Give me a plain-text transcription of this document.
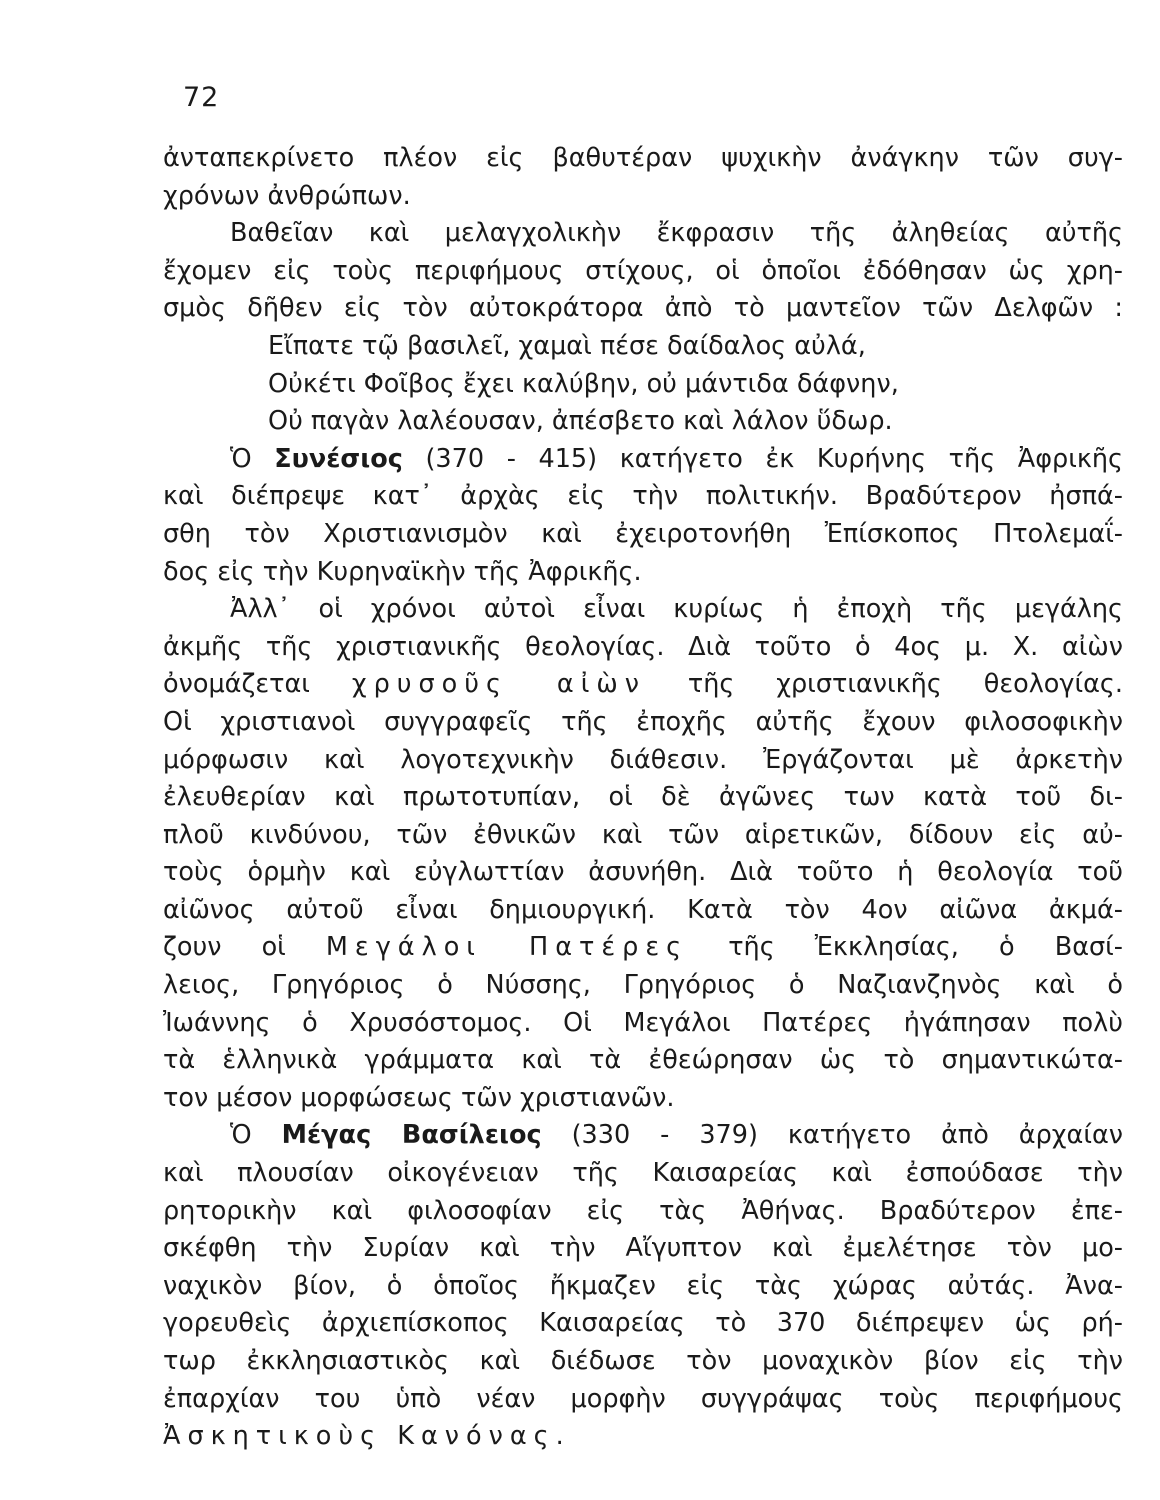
72
ἀνταπεκρίνετο πλέον εἰς βαθυτέραν ψυχικὴν ἀνάγκην τῶν συγ-
χρόνων ἀνθρώπων.
Βαθεῖαν καὶ μελαγχολικὴν ἔκφρασιν τῆς ἀληθείας αὐτῆς
ἔχομεν εἰς τοὺς περιφήμους στίχους, οἱ ὁποῖοι ἐδόθησαν ὡς χρη-
σμὸς δῆθεν εἰς τὸν αὐτοκράτορα ἀπὸ τὸ μαντεῖον τῶν Δελφῶν :
Εἴπατε τῷ βασιλεῖ, χαμαὶ πέσε δαίδαλος αὐλά,
Οὐκέτι Φοῖβος ἔχει καλύβην, οὐ μάντιδα δάφνην,
Οὐ παγὰν λαλέουσαν, ἀπέσβετο καὶ λάλον ὕδωρ.
Ὁ Συνέσιος (370 - 415) κατήγετο ἐκ Κυρήνης τῆς Ἀφρικῆς
καὶ διέπρεψε κατ᾽ ἀρχὰς εἰς τὴν πολιτικήν. Βραδύτερον ἠσπά-
σθη τὸν Χριστιανισμὸν καὶ ἐχειροτονήθη Ἐπίσκοπος Πτολεμαΐ-
δος εἰς τὴν Κυρηναϊκὴν τῆς Ἀφρικῆς.
Ἀλλ᾽ οἱ χρόνοι αὐτοὶ εἶναι κυρίως ἡ ἐποχὴ τῆς μεγάλης
ἀκμῆς τῆς χριστιανικῆς θεολογίας. Διὰ τοῦτο ὁ 4ος μ. Χ. αἰὼν
ὀνομάζεται χρυσοῦς αἰὼν τῆς χριστιανικῆς θεολογίας.
Οἱ χριστιανοὶ συγγραφεῖς τῆς ἐποχῆς αὐτῆς ἔχουν φιλοσοφικὴν
μόρφωσιν καὶ λογοτεχνικὴν διάθεσιν. Ἐργάζονται μὲ ἀρκετὴν
ἐλευθερίαν καὶ πρωτοτυπίαν, οἱ δὲ ἀγῶνες των κατὰ τοῦ δι-
πλοῦ κινδύνου, τῶν ἐθνικῶν καὶ τῶν αἱρετικῶν, δίδουν εἰς αὐ-
τοὺς ὁρμὴν καὶ εὐγλωττίαν ἀσυνήθη. Διὰ τοῦτο ἡ θεολογία τοῦ
αἰῶνος αὐτοῦ εἶναι δημιουργική. Κατὰ τὸν 4ον αἰῶνα ἀκμά-
ζουν οἱ Μεγάλοι Πατέρες τῆς Ἐκκλησίας, ὁ Βασί-
λειος, Γρηγόριος ὁ Νύσσης, Γρηγόριος ὁ Ναζιανζηνὸς καὶ ὁ
Ἰωάννης ὁ Χρυσόστομος. Οἱ Μεγάλοι Πατέρες ἠγάπησαν πολὺ
τὰ ἑλληνικὰ γράμματα καὶ τὰ ἐθεώρησαν ὡς τὸ σημαντικώτα-
τον μέσον μορφώσεως τῶν χριστιανῶν.
Ὁ Μέγας Βασίλειος (330 - 379) κατήγετο ἀπὸ ἀρχαίαν
καὶ πλουσίαν οἰκογένειαν τῆς Καισαρείας καὶ ἐσπούδασε τὴν
ρητορικὴν καὶ φιλοσοφίαν εἰς τὰς Ἀθήνας. Βραδύτερον ἐπε-
σκέφθη τὴν Συρίαν καὶ τὴν Αἴγυπτον καὶ ἐμελέτησε τὸν μο-
ναχικὸν βίον, ὁ ὁποῖος ἤκμαζεν εἰς τὰς χώρας αὐτάς. Ἀνα-
γορευθεὶς ἀρχιεπίσκοπος Καισαρείας τὸ 370 διέπρεψεν ὡς ρή-
τωρ ἐκκλησιαστικὸς καὶ διέδωσε τὸν μοναχικὸν βίον εἰς τὴν
ἐπαρχίαν του ὑπὸ νέαν μορφὴν συγγράψας τοὺς περιφήμους
Ἀσκητικοὺς Κανόνας.
